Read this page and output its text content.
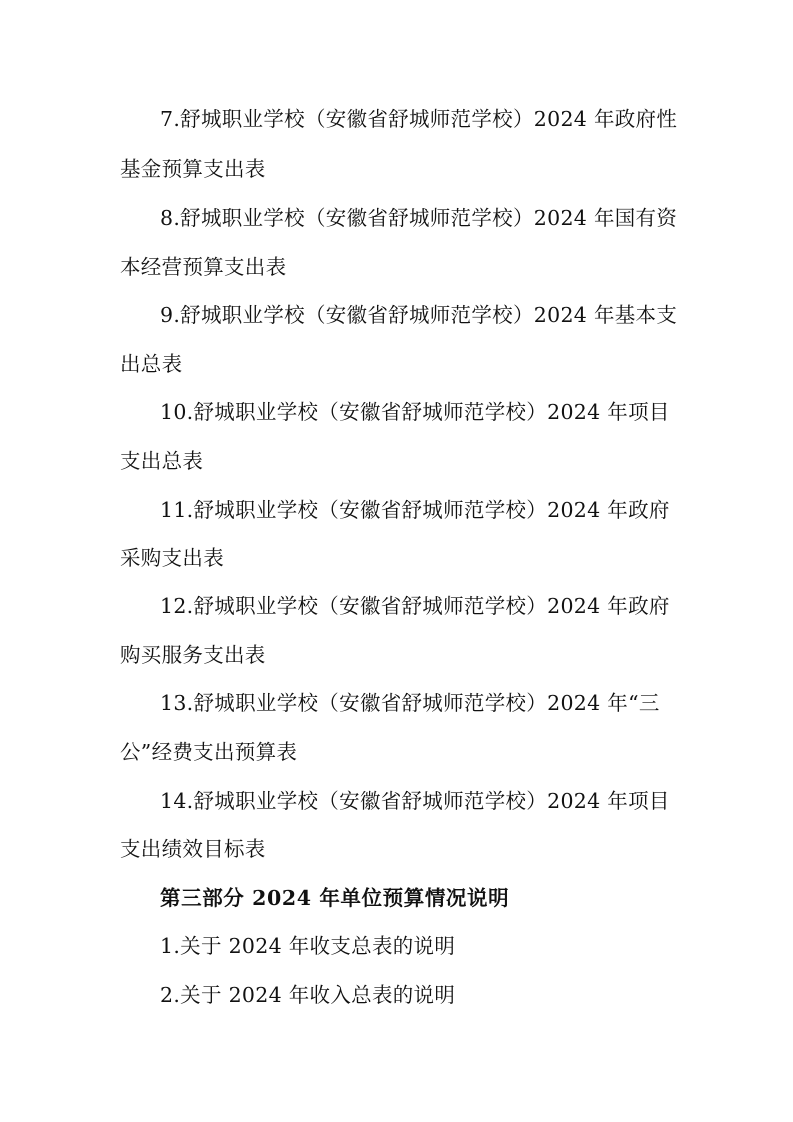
7.舒城职业学校（安徽省舒城师范学校）2024 年政府性
基金预算支出表
8.舒城职业学校（安徽省舒城师范学校）2024 年国有资
本经营预算支出表
9.舒城职业学校（安徽省舒城师范学校）2024 年基本支
出总表
10.舒城职业学校（安徽省舒城师范学校）2024 年项目
支出总表
11.舒城职业学校（安徽省舒城师范学校）2024 年政府
采购支出表
12.舒城职业学校（安徽省舒城师范学校）2024 年政府
购买服务支出表
13.舒城职业学校（安徽省舒城师范学校）2024 年“三
公”经费支出预算表
14.舒城职业学校（安徽省舒城师范学校）2024 年项目
支出绩效目标表
第三部分 2024 年单位预算情况说明
1.关于 2024 年收支总表的说明
2.关于 2024 年收入总表的说明
